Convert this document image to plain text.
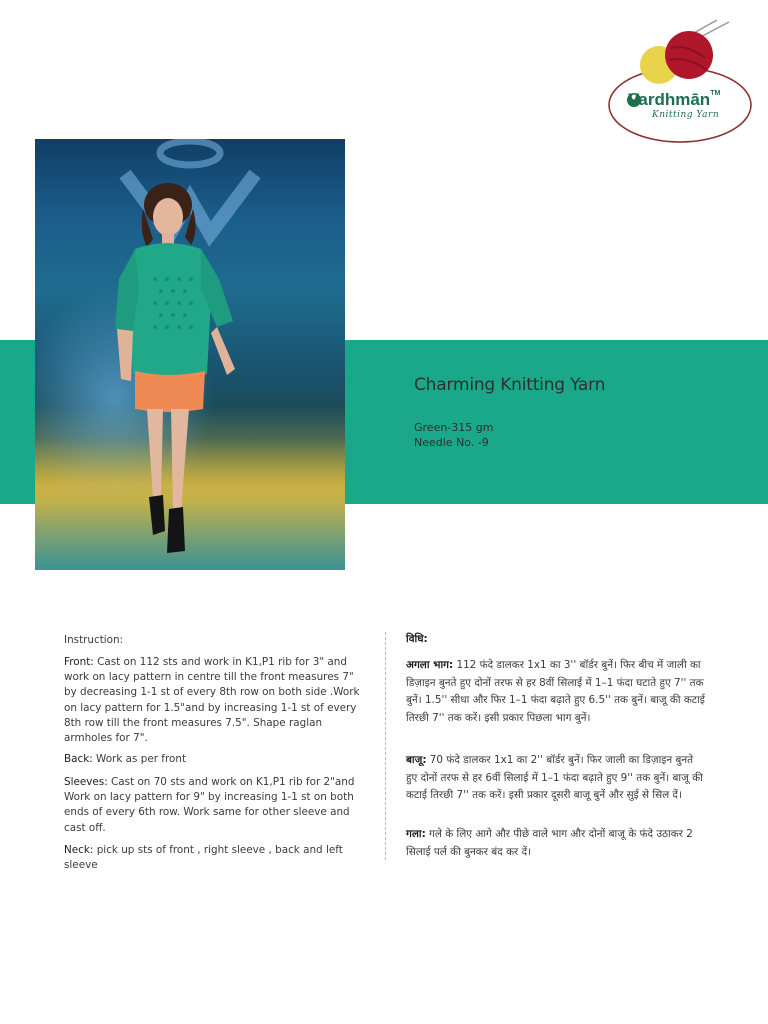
Vardhmān™
Knitting Yarn
Charming Knitting Yarn
Green-315 gm
Needle No. -9
Instruction:
Front: Cast on 112 sts and work in K1,P1 rib for 3" and work on lacy pattern in centre till the front measures 7" by decreasing 1-1 st of every 8th row on both side .Work on lacy pattern for 1.5"and by increasing 1-1 st of every 8th row till the front measures 7.5". Shape raglan armholes for 7".
Back: Work as per front
Sleeves: Cast on 70 sts and work on K1,P1 rib for 2"and Work on lacy pattern for 9" by increasing 1-1 st on both ends of every 6th row. Work same for other sleeve and cast off.
Neck: pick up sts of front , right sleeve , back and left sleeve
विधि:
अगला भाग: 112 फंदे डालकर 1x1 का 3'' बॉर्डर बुनें। फिर बीच में जाली का डिज़ाइन बुनते हुए दोनों तरफ से हर 8वीं सिलाई में 1–1 फंदा घटाते हुए 7'' तक बुनें। 1.5'' सीधा और फिर 1–1 फंदा बढ़ाते हुए 6.5'' तक बुनें। बाजू की कटाई तिरछी 7'' तक करें। इसी प्रकार पिछला भाग बुनें।
बाजू: 70 फंदे डालकर 1x1 का 2'' बॉर्डर बुनें। फिर जाली का डिज़ाइन बुनते हुए दोनों तरफ से हर 6वीं सिलाई में 1–1 फंदा बढ़ाते हुए 9'' तक बुनें। बाजू की कटाई तिरछी 7'' तक करें। इसी प्रकार दूसरी बाजू बुनें और सुई से सिल दें।
गला: गले के लिए आगे और पीछे वाले भाग और दोनों बाजू के फंदे उठाकर 2 सिलाई पर्ल की बुनकर बंद कर दें।
